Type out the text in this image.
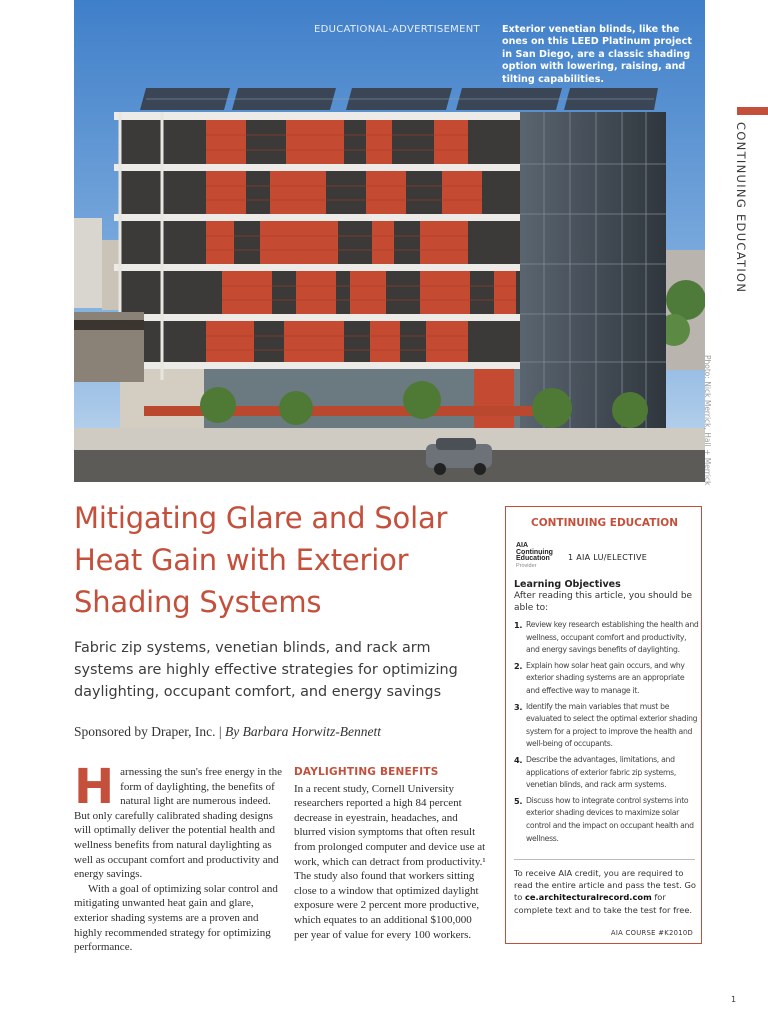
EDUCATIONAL-ADVERTISEMENT Exterior venetian blinds, like the ones on this LEED Platinum project in San Diego, are a classic shading option with lowering, raising, and tilting capabilities.
Photo: Nick Merrick, Hall + Merrick
CONTINUING EDUCATION
Mitigating Glare and Solar Heat Gain with Exterior Shading Systems

Fabric zip systems, venetian blinds, and rack arm systems are highly effective strategies for optimizing daylighting, occupant comfort, and energy savings

Sponsored by Draper, Inc. | By Barbara Horwitz-Bennett

Harnessing the sun's free energy in the form of daylighting, the benefits of natural light are numerous indeed. But only carefully calibrated shading designs will optimally deliver the potential health and wellness benefits from natural daylighting as well as occupant comfort and productivity and energy savings.

With a goal of optimizing solar control and mitigating unwanted heat gain and glare, exterior shading systems are a proven and highly recommended strategy for optimizing performance.

DAYLIGHTING BENEFITS

In a recent study, Cornell University researchers reported a high 84 percent decrease in eyestrain, headaches, and blurred vision symptoms that often result from prolonged computer and device use at work, which can detract from productivity.¹ The study also found that workers sitting close to a window that optimized daylight exposure were 2 percent more productive, which equates to an additional $100,000 per year of value for every 100 workers.

CONTINUING EDUCATION
AIA
Continuing
Education
Provider
1 AIA LU/ELECTIVE
Learning Objectives
After reading this article, you should be able to:
1. Review key research establishing the health and wellness, occupant comfort and productivity, and energy savings benefits of daylighting.
2. Explain how solar heat gain occurs, and why exterior shading systems are an appropriate and effective way to manage it.
3. Identify the main variables that must be evaluated to select the optimal exterior shading system for a project to improve the health and well-being of occupants.
4. Describe the advantages, limitations, and applications of exterior fabric zip systems, venetian blinds, and rack arm systems.
5. Discuss how to integrate control systems into exterior shading devices to maximize solar control and the impact on occupant health and wellness.
To receive AIA credit, you are required to read the entire article and pass the test. Go to ce.architecturalrecord.com for complete text and to take the test for free.
AIA COURSE #K2010D
1
